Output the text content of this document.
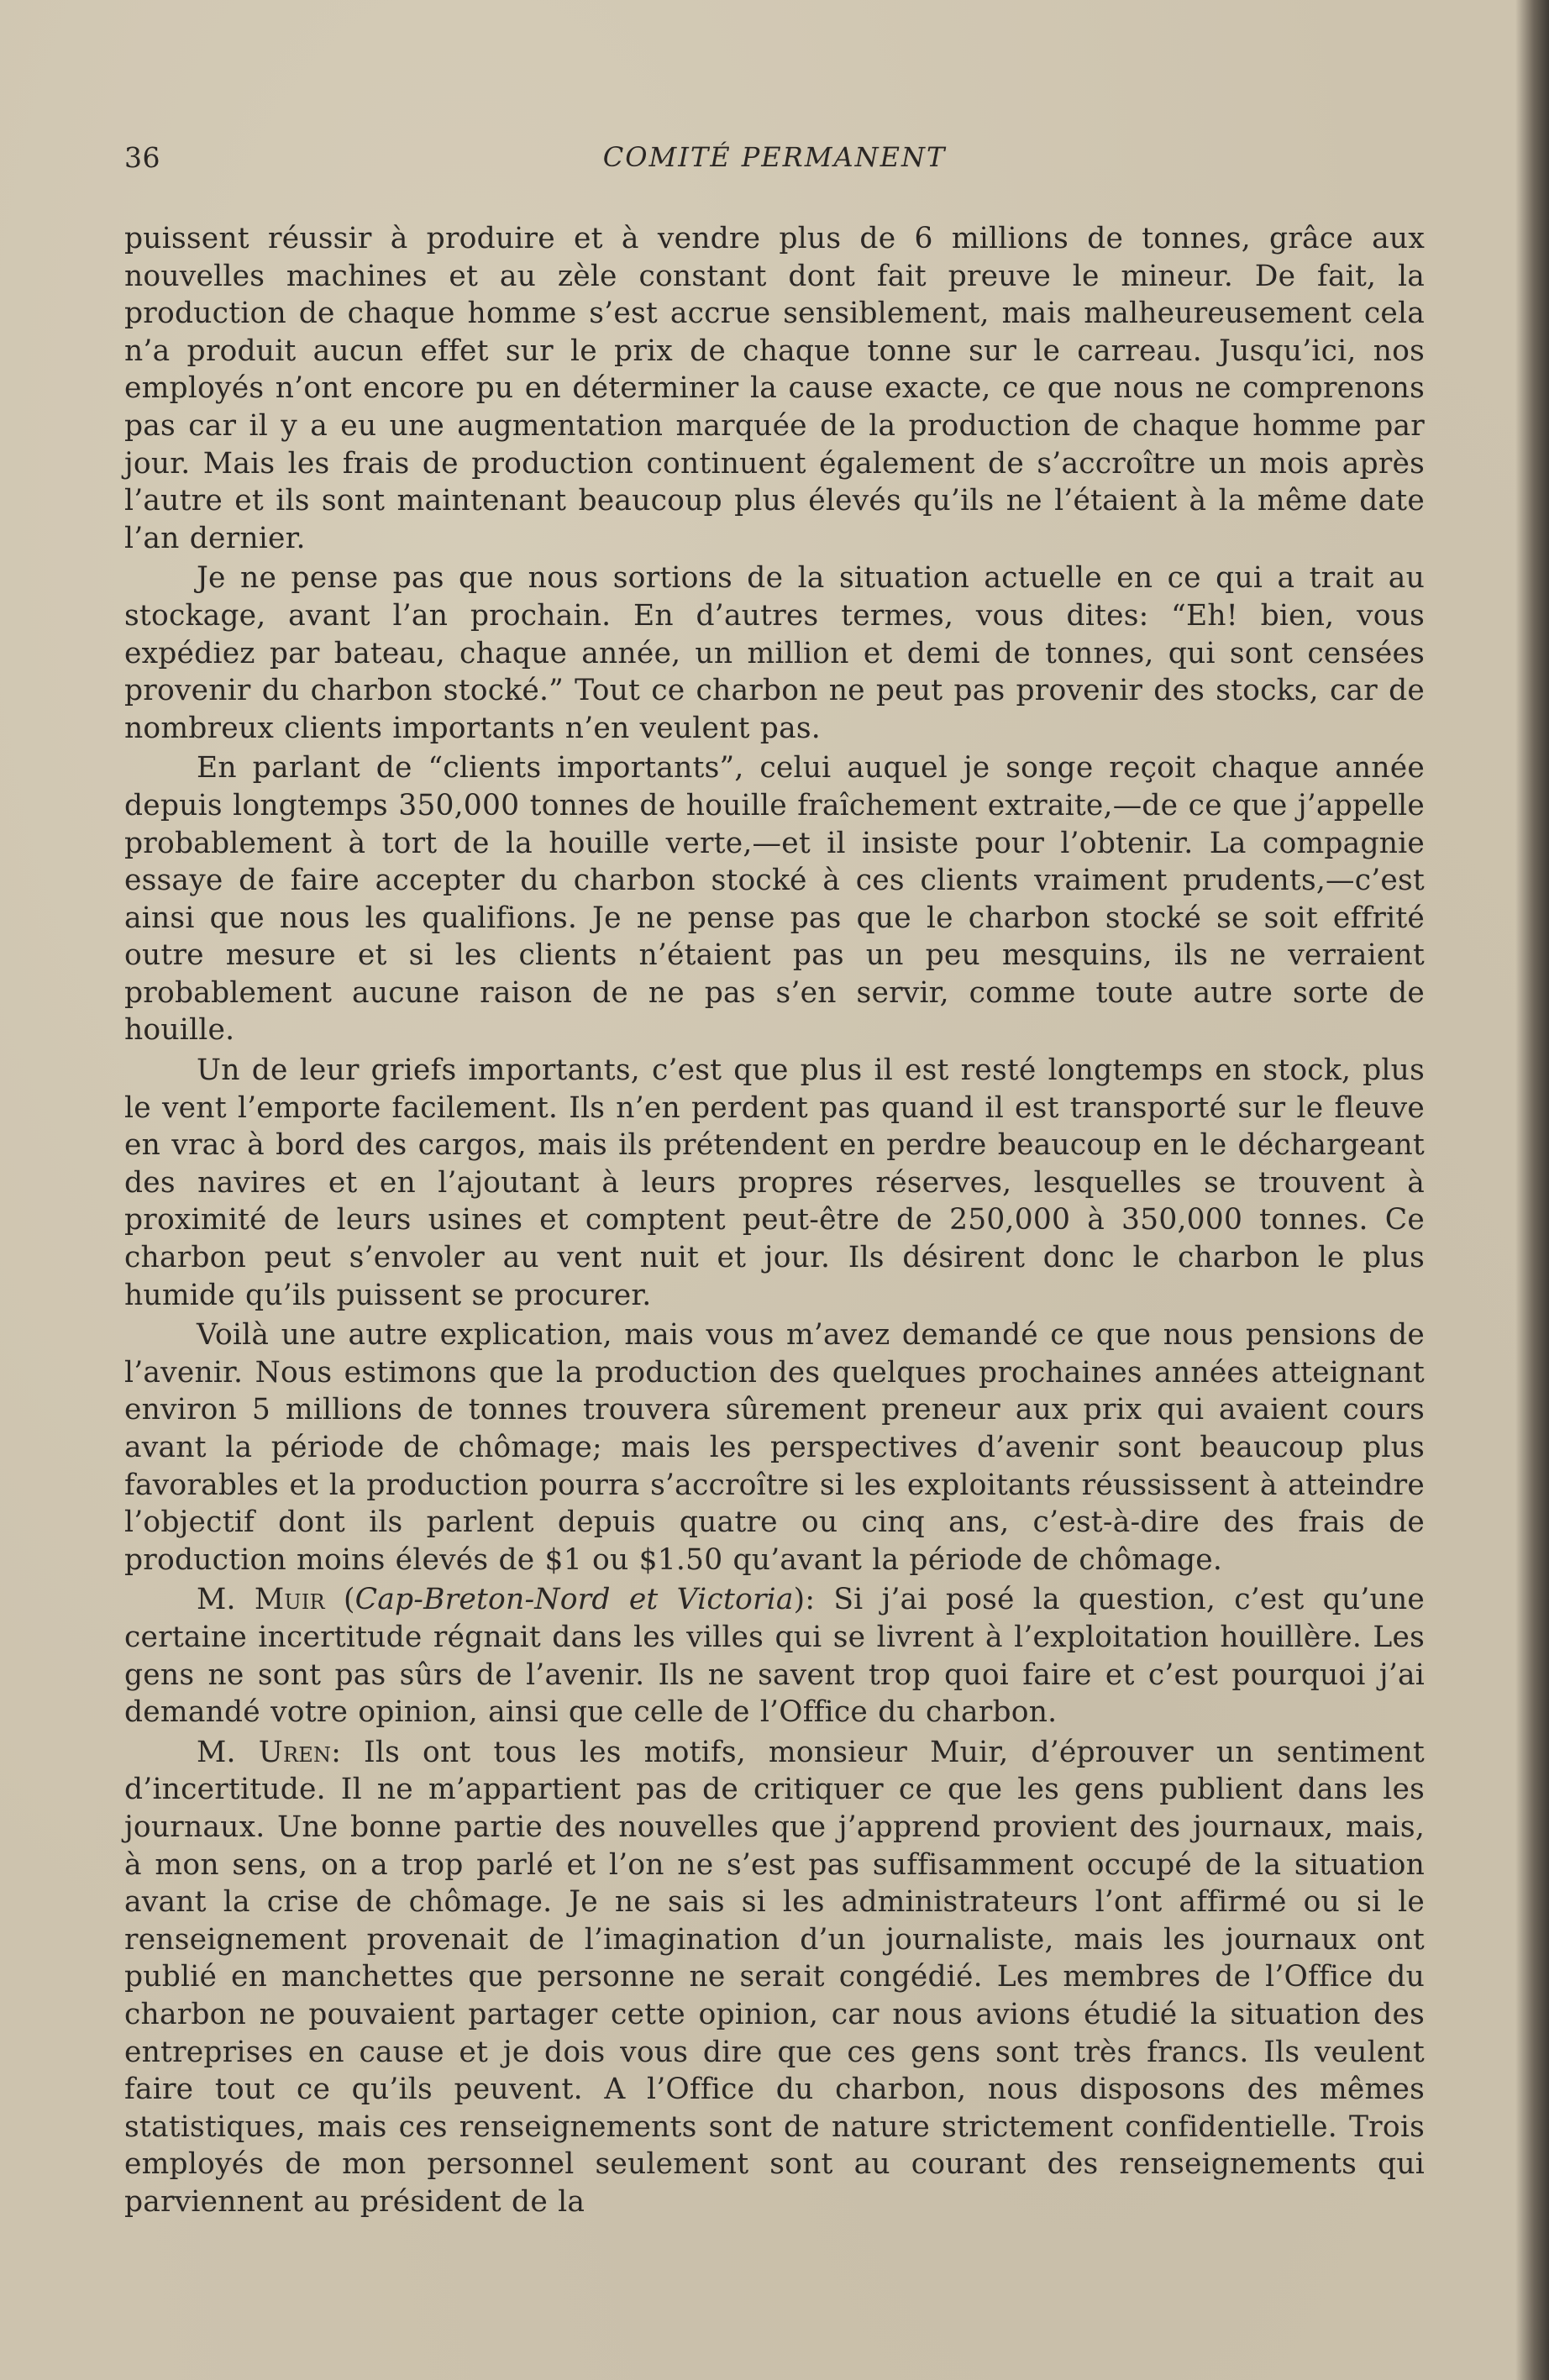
36	COMITÉ PERMANENT

puissent réussir à produire et à vendre plus de 6 millions de tonnes, grâce aux nouvelles machines et au zèle constant dont fait preuve le mineur. De fait, la production de chaque homme s’est accrue sensiblement, mais malheureusement cela n’a produit aucun effet sur le prix de chaque tonne sur le carreau. Jusqu’ici, nos employés n’ont encore pu en déterminer la cause exacte, ce que nous ne comprenons pas car il y a eu une augmentation marquée de la production de chaque homme par jour. Mais les frais de production continuent également de s’accroître un mois après l’autre et ils sont maintenant beaucoup plus élevés qu’ils ne l’étaient à la même date l’an dernier.

Je ne pense pas que nous sortions de la situation actuelle en ce qui a trait au stockage, avant l’an prochain. En d’autres termes, vous dites: “Eh! bien, vous expédiez par bateau, chaque année, un million et demi de tonnes, qui sont censées provenir du charbon stocké.” Tout ce charbon ne peut pas provenir des stocks, car de nombreux clients importants n’en veulent pas.

En parlant de “clients importants”, celui auquel je songe reçoit chaque année depuis longtemps 350,000 tonnes de houille fraîchement extraite,—de ce que j’appelle probablement à tort de la houille verte,—et il insiste pour l’obtenir. La compagnie essaye de faire accepter du charbon stocké à ces clients vraiment prudents,—c’est ainsi que nous les qualifions. Je ne pense pas que le charbon stocké se soit effrité outre mesure et si les clients n’étaient pas un peu mesquins, ils ne verraient probablement aucune raison de ne pas s’en servir, comme toute autre sorte de houille.

Un de leur griefs importants, c’est que plus il est resté longtemps en stock, plus le vent l’emporte facilement. Ils n’en perdent pas quand il est transporté sur le fleuve en vrac à bord des cargos, mais ils prétendent en perdre beaucoup en le déchargeant des navires et en l’ajoutant à leurs propres réserves, lesquelles se trouvent à proximité de leurs usines et comptent peut-être de 250,000 à 350,000 tonnes. Ce charbon peut s’envoler au vent nuit et jour. Ils désirent donc le charbon le plus humide qu’ils puissent se procurer.

Voilà une autre explication, mais vous m’avez demandé ce que nous pensions de l’avenir. Nous estimons que la production des quelques prochaines années atteignant environ 5 millions de tonnes trouvera sûrement preneur aux prix qui avaient cours avant la période de chômage; mais les perspectives d’avenir sont beaucoup plus favorables et la production pourra s’accroître si les exploitants réussissent à atteindre l’objectif dont ils parlent depuis quatre ou cinq ans, c’est-à-dire des frais de production moins élevés de $1 ou $1.50 qu’avant la période de chômage.

M. Muir (Cap-Breton-Nord et Victoria): Si j’ai posé la question, c’est qu’une certaine incertitude régnait dans les villes qui se livrent à l’exploitation houillère. Les gens ne sont pas sûrs de l’avenir. Ils ne savent trop quoi faire et c’est pourquoi j’ai demandé votre opinion, ainsi que celle de l’Office du charbon.

M. Uren: Ils ont tous les motifs, monsieur Muir, d’éprouver un sentiment d’incertitude. Il ne m’appartient pas de critiquer ce que les gens publient dans les journaux. Une bonne partie des nouvelles que j’apprend provient des journaux, mais, à mon sens, on a trop parlé et l’on ne s’est pas suffisamment occupé de la situation avant la crise de chômage. Je ne sais si les administrateurs l’ont affirmé ou si le renseignement provenait de l’imagination d’un journaliste, mais les journaux ont publié en manchettes que personne ne serait congédié. Les membres de l’Office du charbon ne pouvaient partager cette opinion, car nous avions étudié la situation des entreprises en cause et je dois vous dire que ces gens sont très francs. Ils veulent faire tout ce qu’ils peuvent. A l’Office du charbon, nous disposons des mêmes statistiques, mais ces renseignements sont de nature strictement confidentielle. Trois employés de mon personnel seulement sont au courant des renseignements qui parviennent au président de la
